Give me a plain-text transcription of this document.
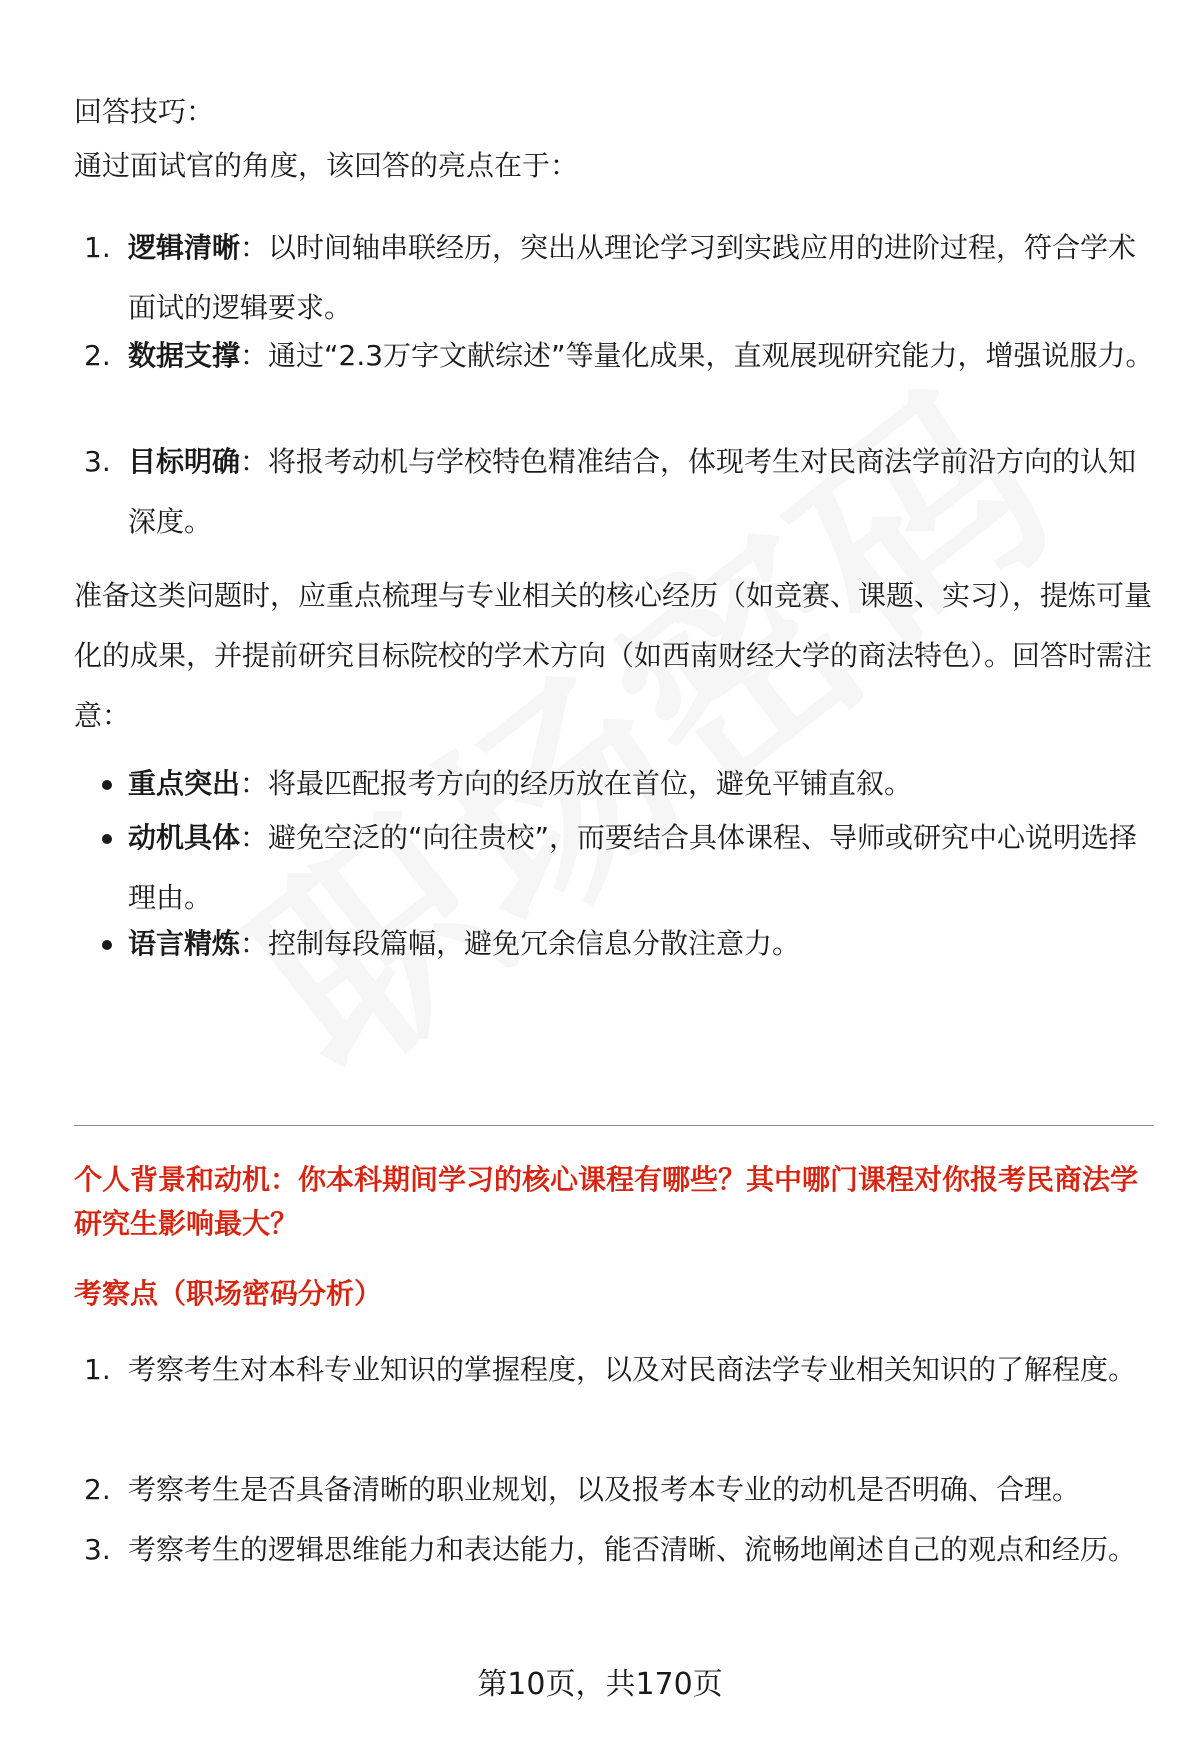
回答技巧：

通过面试官的角度，该回答的亮点在于：

1. 逻辑清晰：以时间轴串联经历，突出从理论学习到实践应用的进阶过程，符合学术面试的逻辑要求。
2. 数据支撑：通过“2.3万字文献综述”等量化成果，直观展现研究能力，增强说服力。
3. 目标明确：将报考动机与学校特色精准结合，体现考生对民商法学前沿方向的认知深度。

准备这类问题时，应重点梳理与专业相关的核心经历（如竞赛、课题、实习），提炼可量化的成果，并提前研究目标院校的学术方向（如西南财经大学的商法特色）。回答时需注意：

重点突出：将最匹配报考方向的经历放在首位，避免平铺直叙。
动机具体：避免空泛的“向往贵校”，而要结合具体课程、导师或研究中心说明选择理由。
语言精炼：控制每段篇幅，避免冗余信息分散注意力。

个人背景和动机：你本科期间学习的核心课程有哪些？其中哪门课程对你报考民商法学研究生影响最大？

考察点（职场密码分析）

1. 考察考生对本科专业知识的掌握程度，以及对民商法学专业相关知识的了解程度。
2. 考察考生是否具备清晰的职业规划，以及报考本专业的动机是否明确、合理。
3. 考察考生的逻辑思维能力和表达能力，能否清晰、流畅地阐述自己的观点和经历。
第10页，共170页
